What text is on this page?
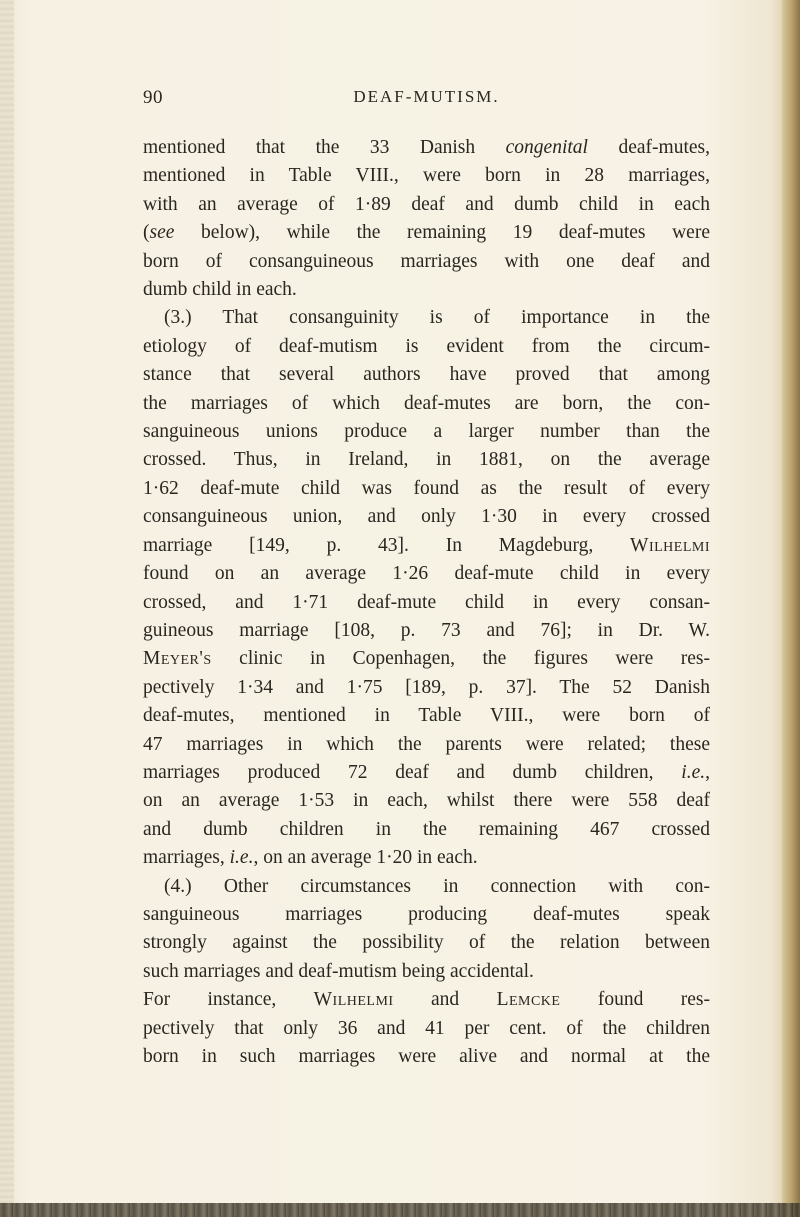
90	DEAF-MUTISM.
mentioned that the 33 Danish congenital deaf-mutes,
mentioned in Table VIII., were born in 28 marriages,
with an average of 1·89 deaf and dumb child in each
(see below), while the remaining 19 deaf-mutes were
born of consanguineous marriages with one deaf and
dumb child in each.
(3.) That consanguinity is of importance in the
etiology of deaf-mutism is evident from the circum-
stance that several authors have proved that among
the marriages of which deaf-mutes are born, the con-
sanguineous unions produce a larger number than the
crossed. Thus, in Ireland, in 1881, on the average
1·62 deaf-mute child was found as the result of every
consanguineous union, and only 1·30 in every crossed
marriage [149, p. 43]. In Magdeburg, Wilhelmi
found on an average 1·26 deaf-mute child in every
crossed, and 1·71 deaf-mute child in every consan-
guineous marriage [108, p. 73 and 76]; in Dr. W.
Meyer's clinic in Copenhagen, the figures were res-
pectively 1·34 and 1·75 [189, p. 37]. The 52 Danish
deaf-mutes, mentioned in Table VIII., were born of
47 marriages in which the parents were related; these
marriages produced 72 deaf and dumb children, i.e.,
on an average 1·53 in each, whilst there were 558 deaf
and dumb children in the remaining 467 crossed
marriages, i.e., on an average 1·20 in each.
(4.) Other circumstances in connection with con-
sanguineous marriages producing deaf-mutes speak
strongly against the possibility of the relation between
such marriages and deaf-mutism being accidental.
For instance, Wilhelmi and Lemcke found res-
pectively that only 36 and 41 per cent. of the children
born in such marriages were alive and normal at the
